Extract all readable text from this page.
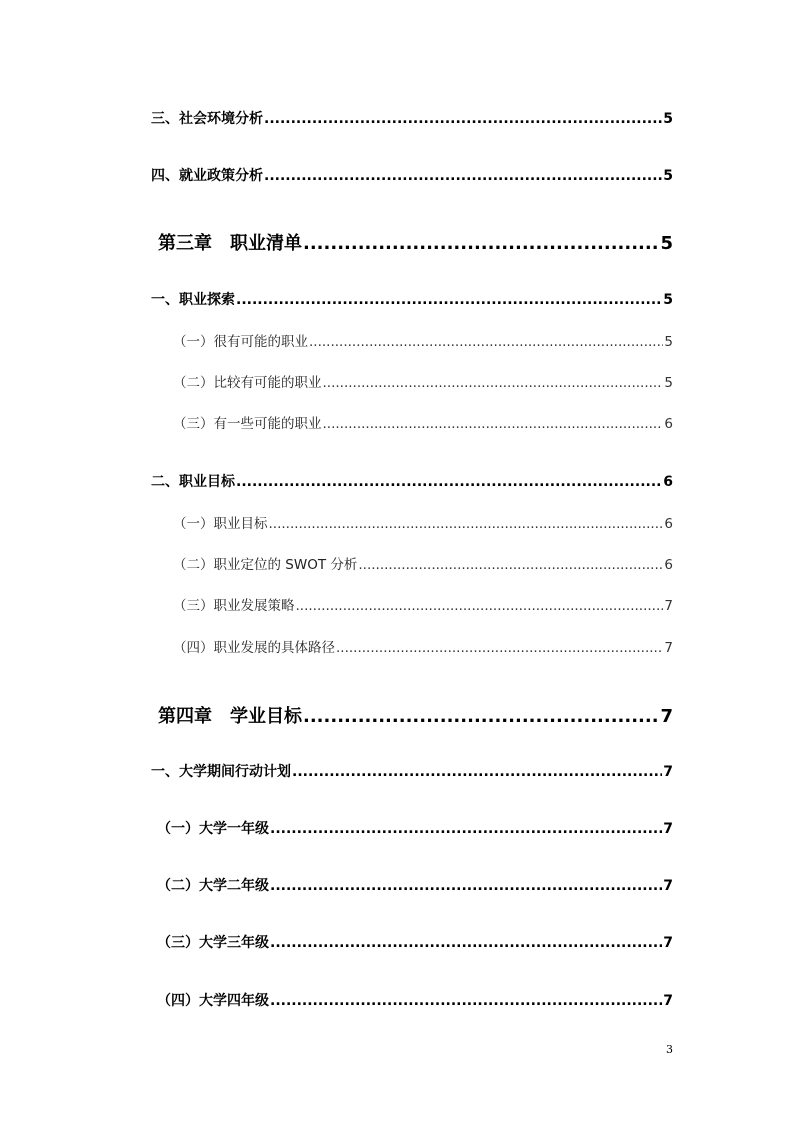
三、社会环境分析 .....	5
四、就业政策分析 .....	5
第三章　职业清单 .....	5
一、职业探索 .....	5
（一）很有可能的职业 .....	5
（二）比较有可能的职业 .....	5
（三）有一些可能的职业 .....	6
二、职业目标 .....	6
（一）职业目标 .....	6
（二）职业定位的 SWOT 分析 .....	6
（三）职业发展策略 .....	7
（四）职业发展的具体路径 .....	7
第四章　学业目标 .....	7
一、大学期间行动计划 .....	7
（一）大学一年级 .....	7
（二）大学二年级 .....	7
（三）大学三年级 .....	7
（四）大学四年级 .....	7
3
